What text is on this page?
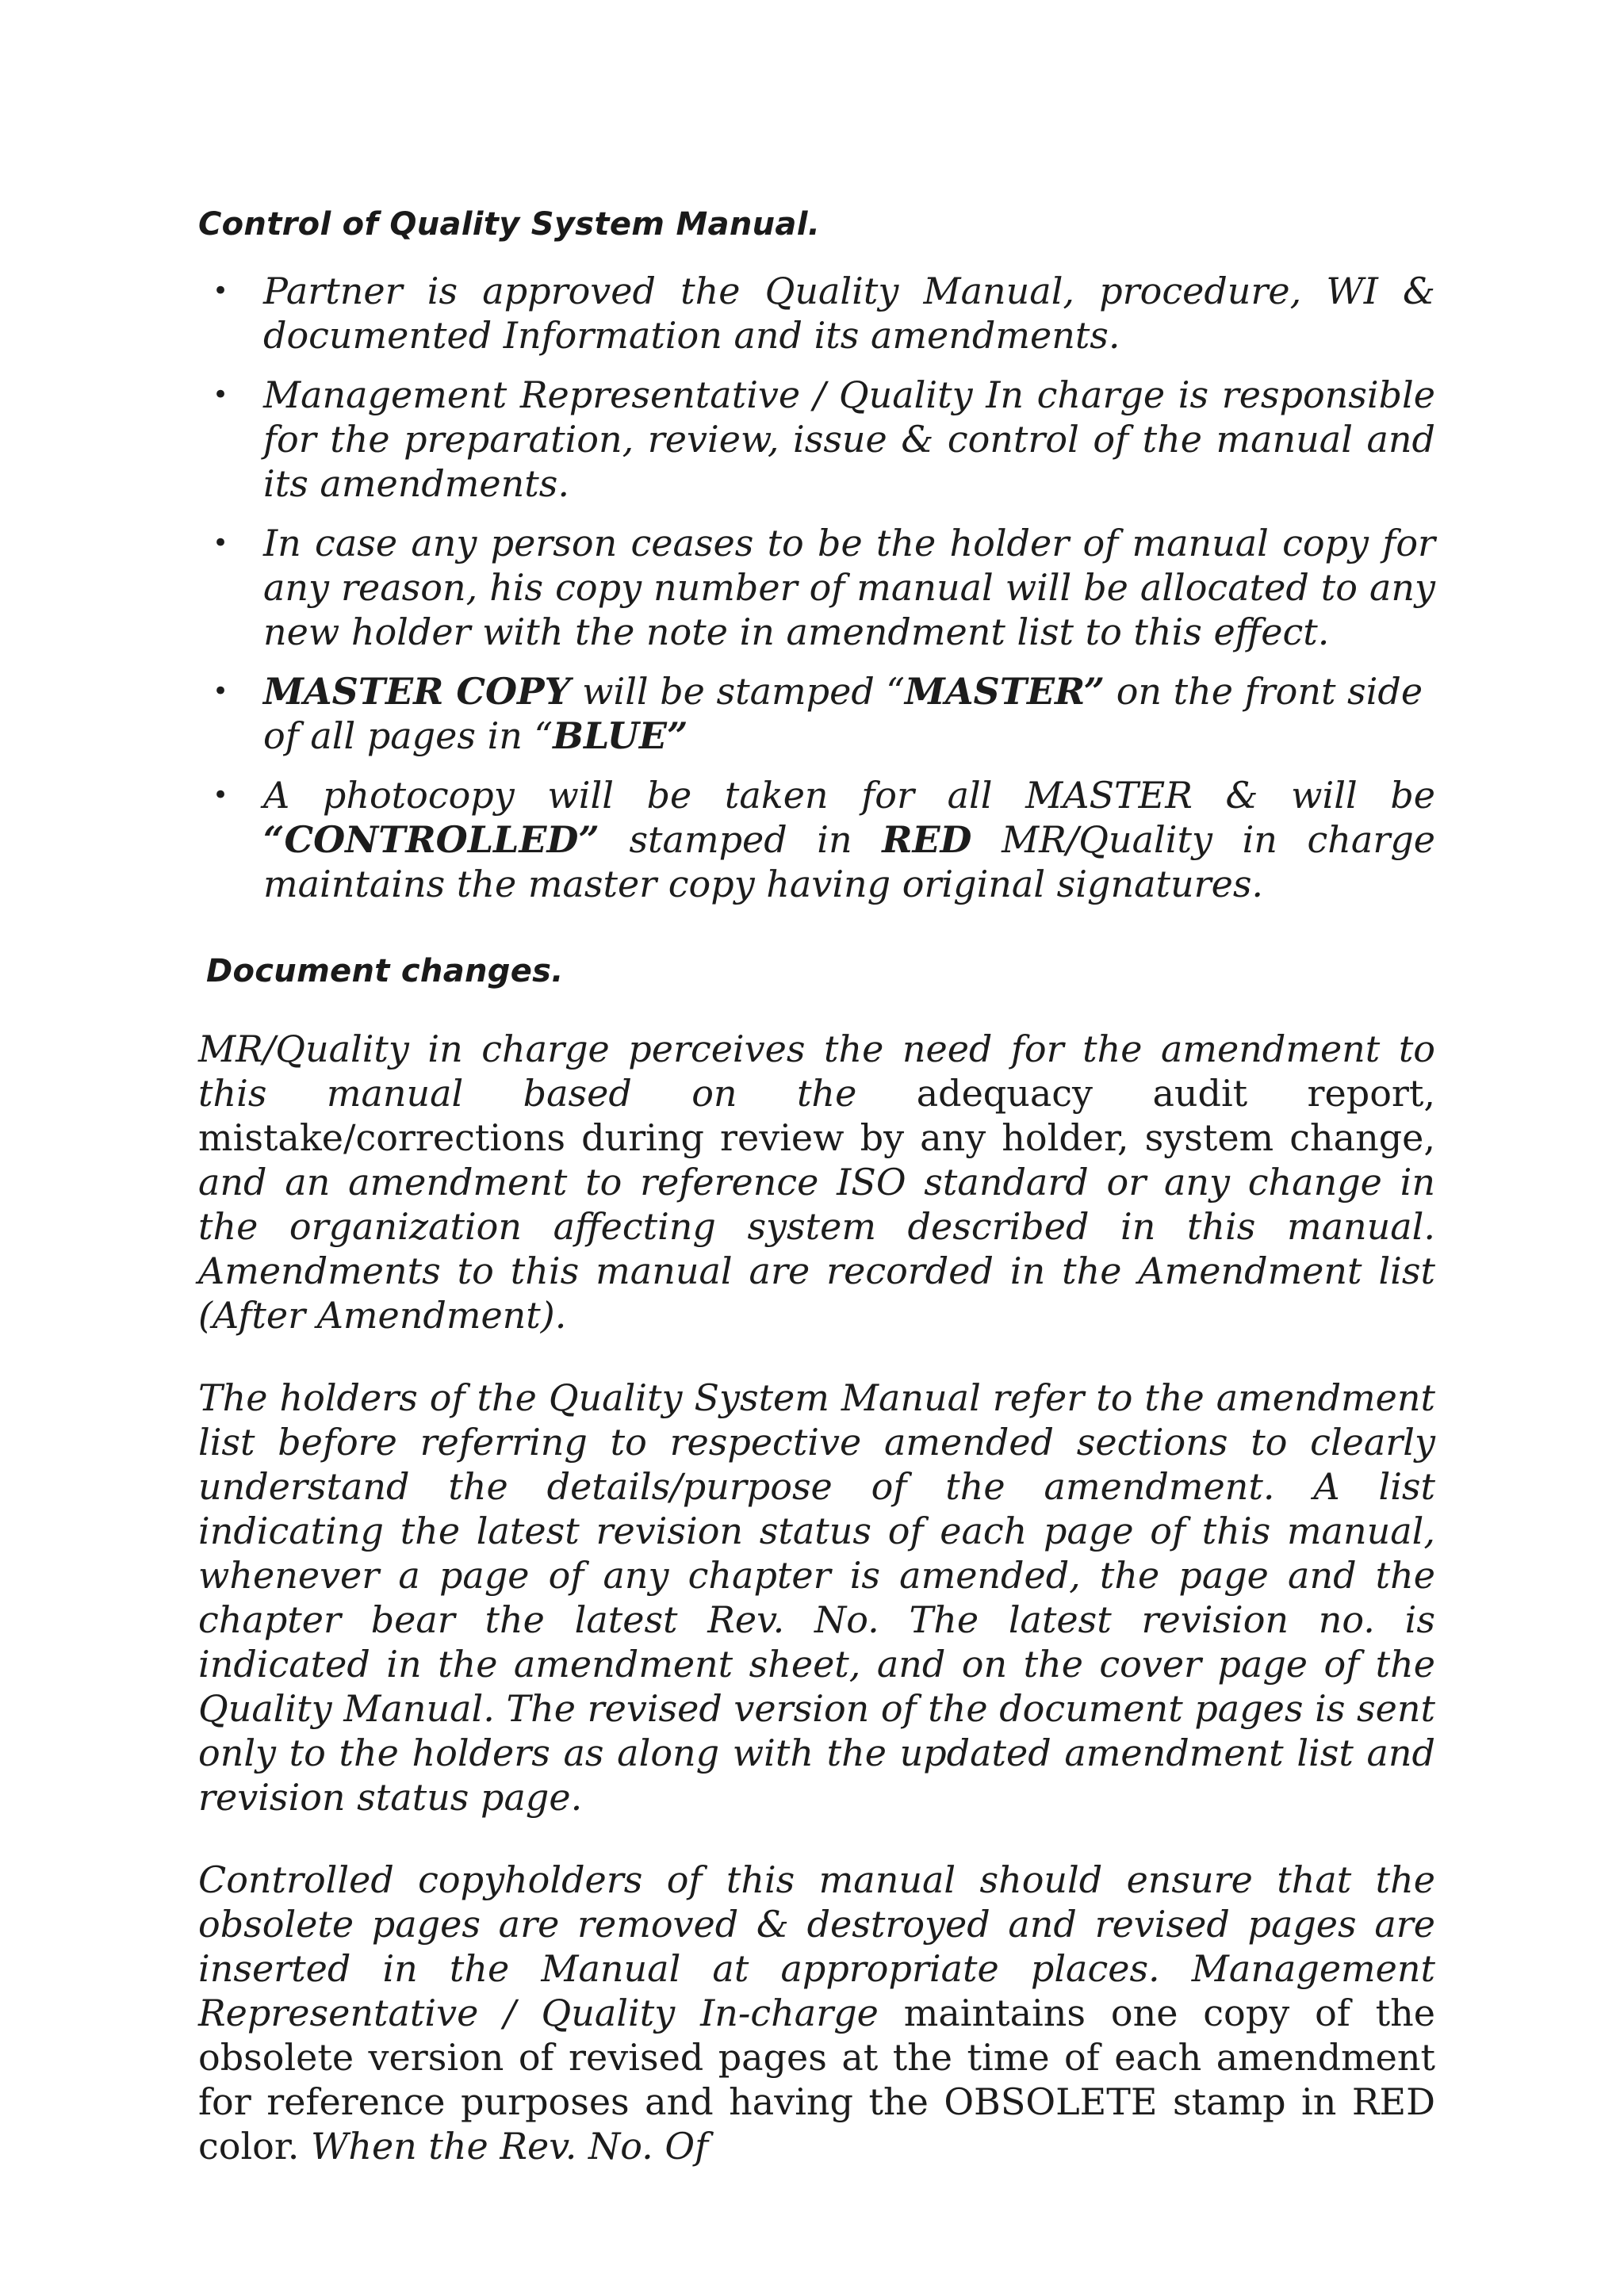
Control of Quality System Manual.
• Partner is approved the Quality Manual, procedure, WI & documented Information and its amendments.
• Management Representative / Quality In charge is responsible for the preparation, review, issue & control of the manual and its amendments.
• In case any person ceases to be the holder of manual copy for any reason, his copy number of manual will be allocated to any new holder with the note in amendment list to this effect.
• MASTER COPY will be stamped “MASTER” on the front side of all pages in “BLUE”
• A photocopy will be taken for all MASTER & will be “CONTROLLED” stamped in RED MR/Quality in charge maintains the master copy having original signatures.
Document changes.

MR/Quality in charge perceives the need for the amendment to this manual based on the adequacy audit report, mistake/corrections during review by any holder, system change, and an amendment to reference ISO standard or any change in the organization affecting system described in this manual. Amendments to this manual are recorded in the Amendment list (After Amendment).

The holders of the Quality System Manual refer to the amendment list before referring to respective amended sections to clearly understand the details/purpose of the amendment. A list indicating the latest revision status of each page of this manual, whenever a page of any chapter is amended, the page and the chapter bear the latest Rev. No. The latest revision no. is indicated in the amendment sheet, and on the cover page of the Quality Manual. The revised version of the document pages is sent only to the holders as along with the updated amendment list and revision status page.

Controlled copyholders of this manual should ensure that the obsolete pages are removed & destroyed and revised pages are inserted in the Manual at appropriate places. Management Representative / Quality In-charge maintains one copy of the obsolete version of revised pages at the time of each amendment for reference purposes and having the OBSOLETE stamp in RED color. When the Rev. No. Of
